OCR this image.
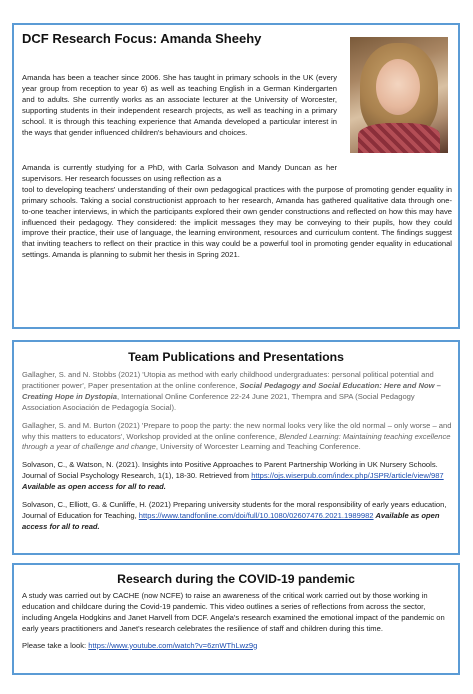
DCF Research Focus: Amanda Sheehy
Amanda has been a teacher since 2006. She has taught in primary schools in the UK (every year group from reception to year 6) as well as teaching English in a German Kindergarten and to adults. She currently works as an associate lecturer at the University of Worcester, supporting students in their independent research projects, as well as teaching in a primary school. It is through this teaching experience that Amanda developed a particular interest in the ways that gender influenced children's behaviours and choices.
Amanda is currently studying for a PhD, with Carla Solvason and Mandy Duncan as her supervisors. Her research focusses on using reflection as a
tool to developing teachers' understanding of their own pedagogical practices with the purpose of promoting gender equality in primary schools. Taking a social constructionist approach to her research, Amanda has gathered qualitative data through one-to-one teacher interviews, in which the participants explored their own gender constructions and reflected on how this may have influenced their pedagogy. They considered: the implicit messages they may be conveying to their pupils, how they could improve their practice, their use of language, the learning environment, resources and curriculum content. The findings suggest that inviting teachers to reflect on their practice in this way could be a powerful tool in promoting gender equality in educational settings. Amanda is planning to submit her thesis in Spring 2021.
Team Publications and Presentations
Gallagher, S. and N. Stobbs (2021) 'Utopia as method with early childhood undergraduates: personal political potential and practitioner power', Paper presentation at the online conference, Social Pedagogy and Social Education: Here and Now – Creating Hope in Dystopia, International Online Conference 22-24 June 2021, Thempra and SPA (Social Pedagogy Association Asociación de Pedagogía Social).
Gallagher, S. and M. Burton (2021) 'Prepare to poop the party: the new normal looks very like the old normal – only worse – and why this matters to educators', Workshop provided at the online conference, Blended Learning: Maintaining teaching excellence through a year of challenge and change, University of Worcester Learning and Teaching Conference.
Solvason, C., & Watson, N. (2021). Insights into Positive Approaches to Parent Partnership Working in UK Nursery Schools. Journal of Social Psychology Research, 1(1), 18-30. Retrieved from https://ojs.wiserpub.com/index.php/JSPR/article/view/987 Available as open access for all to read.
Solvason, C., Elliott, G. & Cunliffe, H. (2021) Preparing university students for the moral responsibility of early years education, Journal of Education for Teaching, https://www.tandfonline.com/doi/full/10.1080/02607476.2021.1989982 Available as open access for all to read.
Research during the COVID-19 pandemic

A study was carried out by CACHE (now NCFE) to raise an awareness of the critical work carried out by those working in education and childcare during the Covid-19 pandemic. This video outlines a series of reflections from across the sector, including Angela Hodgkins and Janet Harvell from DCF. Angela's research examined the emotional impact of the pandemic on early years practitioners and Janet's research celebrates the resilience of staff and children during this time.

Please take a look: https://www.youtube.com/watch?v=6znWThLwz9g
